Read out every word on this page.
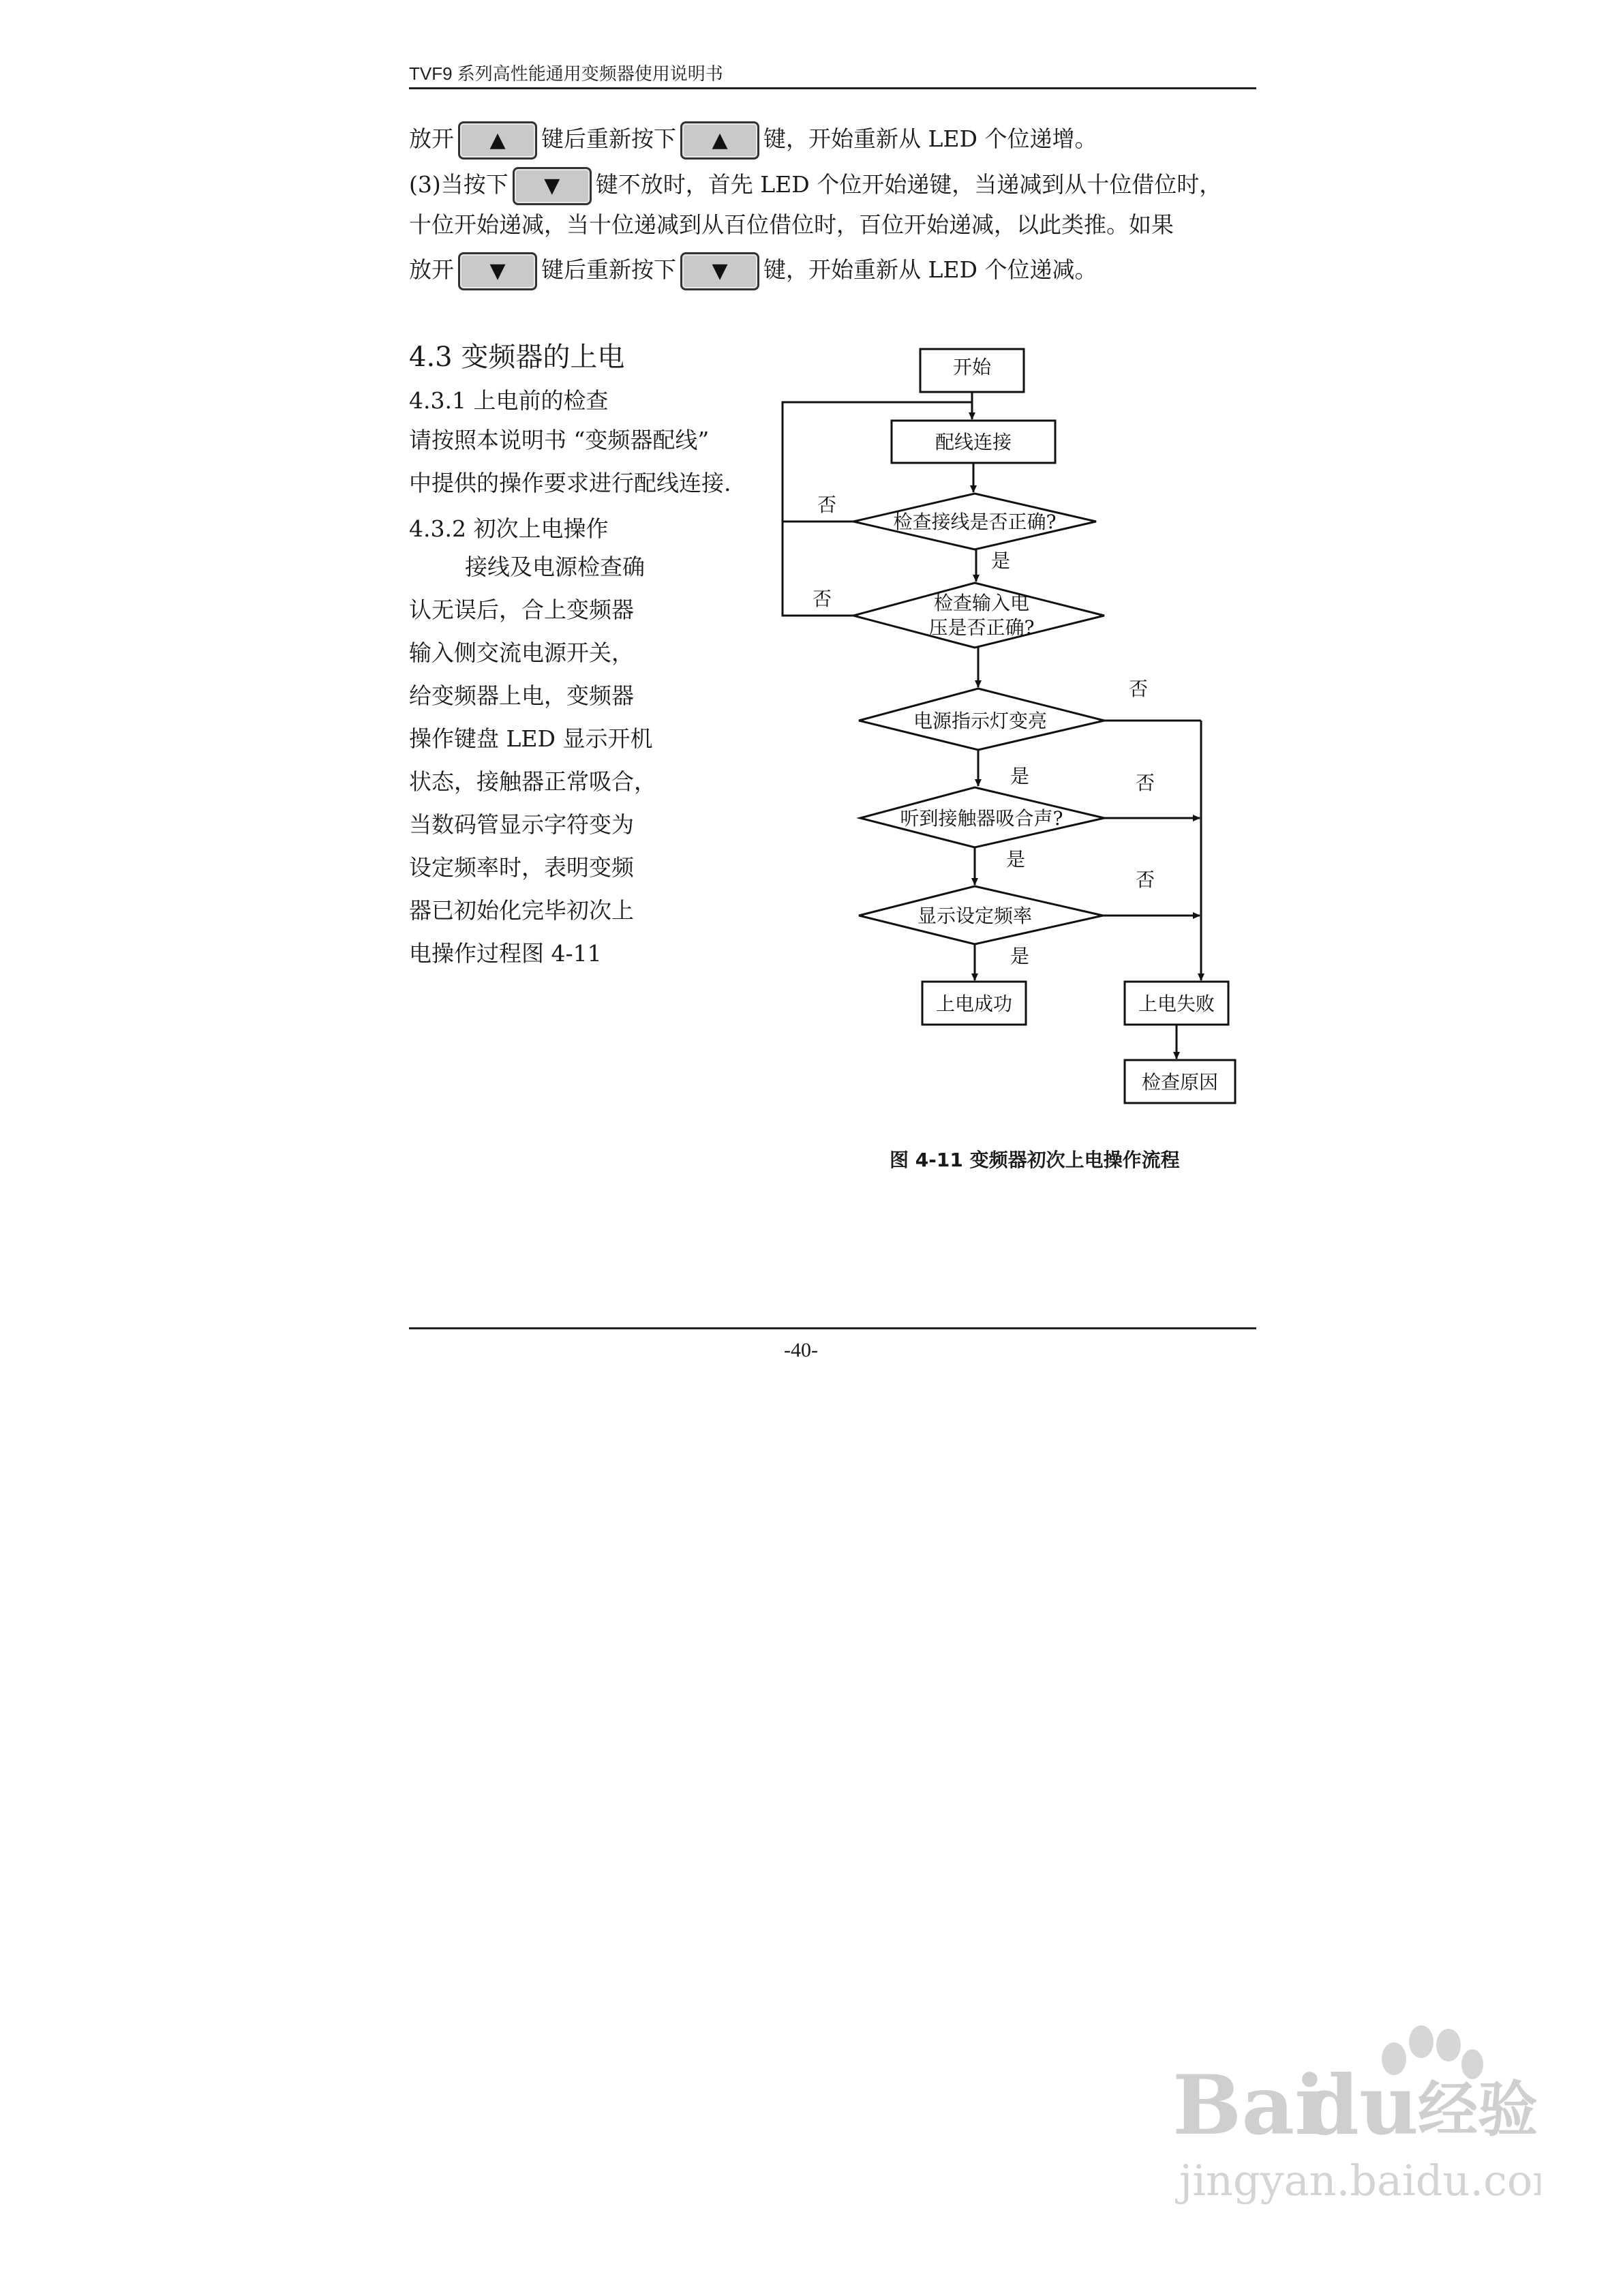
TVF9 系列高性能通用变频器使用说明书
放开 ▲ 键后重新按下 ▲ 键，开始重新从 LED 个位递增。
(3)当按下 ▼ 键不放时，首先 LED 个位开始递键，当递减到从十位借位时，
十位开始递减，当十位递减到从百位借位时，百位开始递减，以此类推。如果
放开 ▼ 键后重新按下 ▼ 键，开始重新从 LED 个位递减。
4.3 变频器的上电
4.3.1 上电前的检查
请按照本说明书 “变频器配线”
中提供的操作要求进行配线连接.
4.3.2 初次上电操作
接线及电源检查确
认无误后，合上变频器
输入侧交流电源开关，
给变频器上电，变频器
操作键盘 LED 显示开机
状态，接触器正常吸合，
当数码管显示字符变为
设定频率时，表明变频
器已初始化完毕初次上
电操作过程图 4-11
开始
配线连接
检查接线是否正确?
检查输入电
压是否正确?
电源指示灯变亮
听到接触器吸合声?
显示设定频率
上电成功	上电失败
检查原因
是
是
是
是
否
否
否
否
否
图 4-11 变频器初次上电操作流程
-40-
Bai
du
经验
jingyan.baidu.com
